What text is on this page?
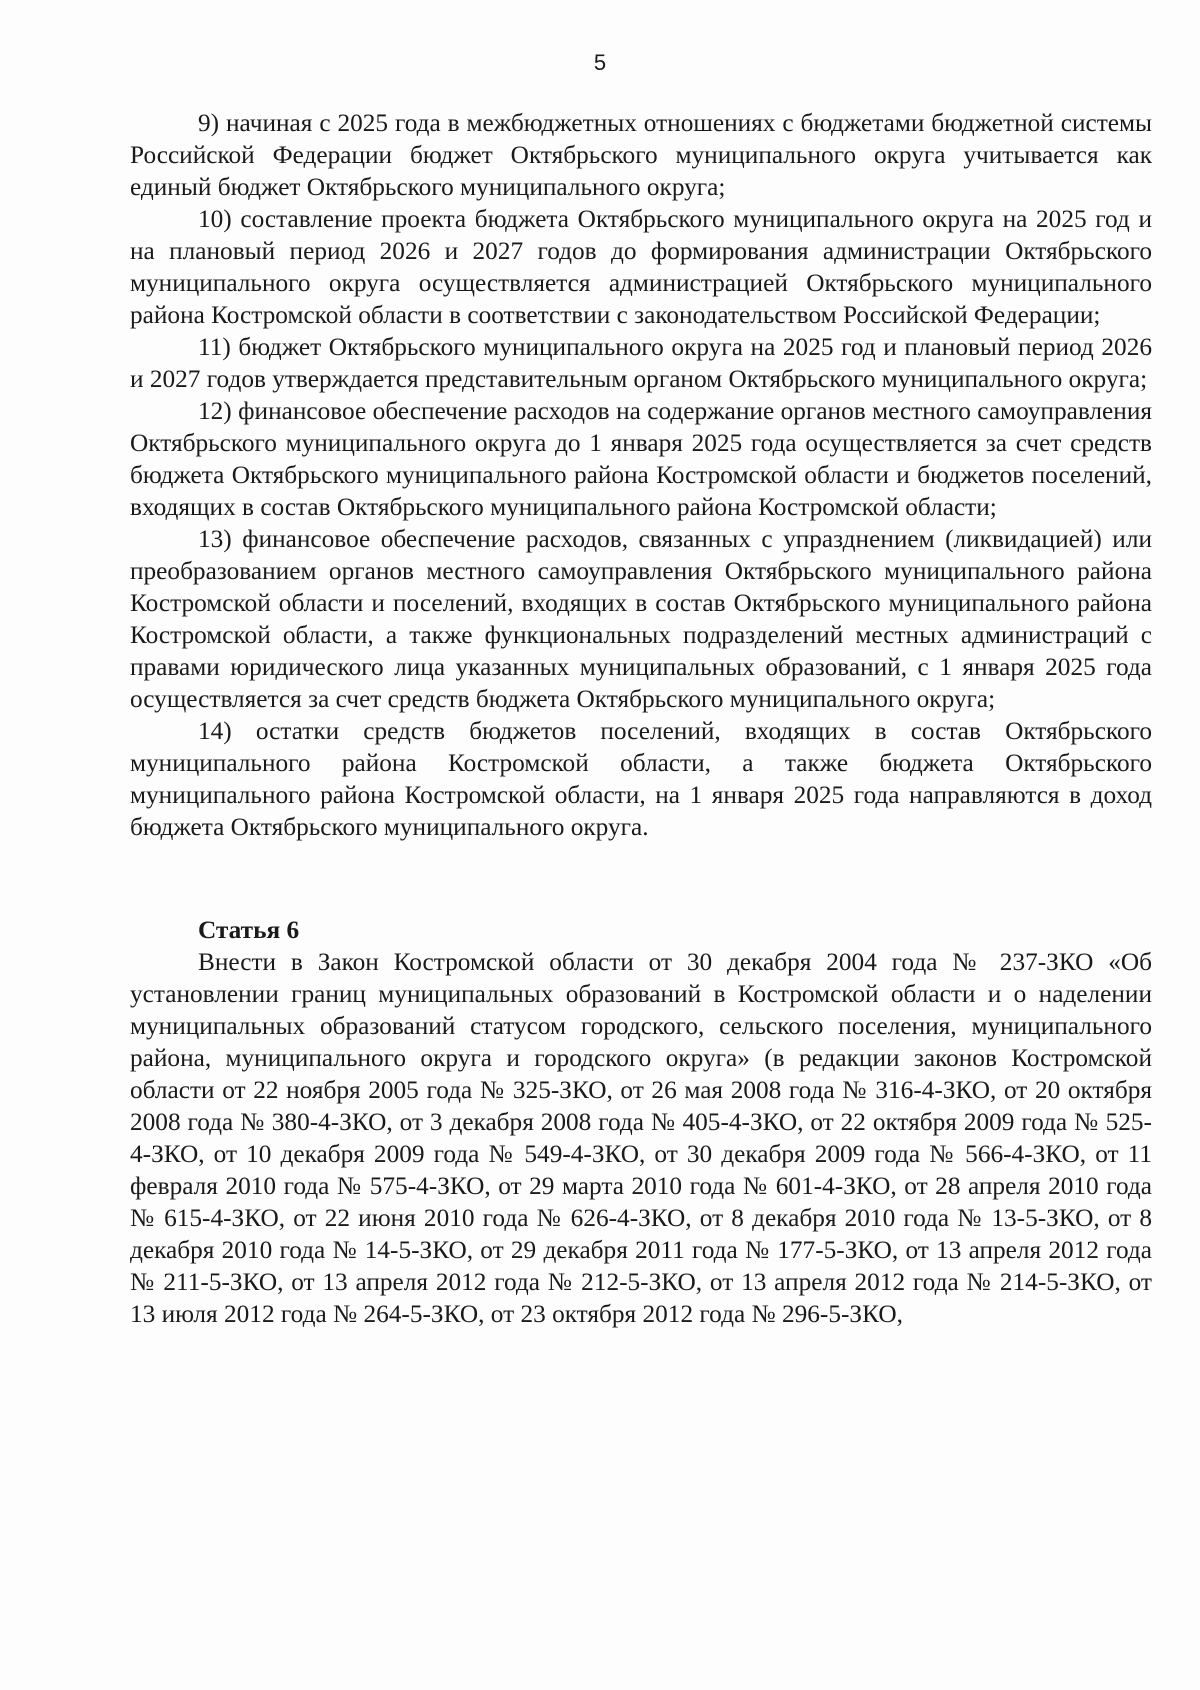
5

9) начиная с 2025 года в межбюджетных отношениях с бюджетами бюджетной системы Российской Федерации бюджет Октябрьского муниципального округа учитывается как единый бюджет Октябрьского муниципального округа;

10) составление проекта бюджета Октябрьского муниципального округа на 2025 год и на плановый период 2026 и 2027 годов до формирования администрации Октябрьского муниципального округа осуществляется администрацией Октябрьского муниципального района Костромской области в соответствии с законодательством Российской Федерации;

11) бюджет Октябрьского муниципального округа на 2025 год и плановый период 2026 и 2027 годов утверждается представительным органом Октябрьского муниципального округа;

12) финансовое обеспечение расходов на содержание органов местного самоуправления Октябрьского муниципального округа до 1 января 2025 года осуществляется за счет средств бюджета Октябрьского муниципального района Костромской области и бюджетов поселений, входящих в состав Октябрьского муниципального района Костромской области;

13) финансовое обеспечение расходов, связанных с упразднением (ликвидацией) или преобразованием органов местного самоуправления Октябрьского муниципального района Костромской области и поселений, входящих в состав Октябрьского муниципального района Костромской области, а также функциональных подразделений местных администраций с правами юридического лица указанных муниципальных образований, с 1 января 2025 года осуществляется за счет средств бюджета Октябрьского муниципального округа;

14) остатки средств бюджетов поселений, входящих в состав Октябрьского муниципального района Костромской области, а также бюджета Октябрьского муниципального района Костромской области, на 1 января 2025 года направляются в доход бюджета Октябрьского муниципального округа.

Статья 6

Внести в Закон Костромской области от 30 декабря 2004 года № 237-ЗКО «Об установлении границ муниципальных образований в Костромской области и о наделении муниципальных образований статусом городского, сельского поселения, муниципального района, муниципального округа и городского округа» (в редакции законов Костромской области от 22 ноября 2005 года № 325-ЗКО, от 26 мая 2008 года № 316-4-ЗКО, от 20 октября 2008 года № 380-4-ЗКО, от 3 декабря 2008 года № 405-4-ЗКО, от 22 октября 2009 года № 525-4-ЗКО, от 10 декабря 2009 года № 549-4-ЗКО, от 30 декабря 2009 года № 566-4-ЗКО, от 11 февраля 2010 года № 575-4-ЗКО, от 29 марта 2010 года № 601-4-ЗКО, от 28 апреля 2010 года № 615-4-ЗКО, от 22 июня 2010 года № 626-4-ЗКО, от 8 декабря 2010 года № 13-5-ЗКО, от 8 декабря 2010 года № 14-5-ЗКО, от 29 декабря 2011 года № 177-5-ЗКО, от 13 апреля 2012 года № 211-5-ЗКО, от 13 апреля 2012 года № 212-5-ЗКО, от 13 апреля 2012 года № 214-5-ЗКО, от 13 июля 2012 года № 264-5-ЗКО, от 23 октября 2012 года № 296-5-ЗКО,
